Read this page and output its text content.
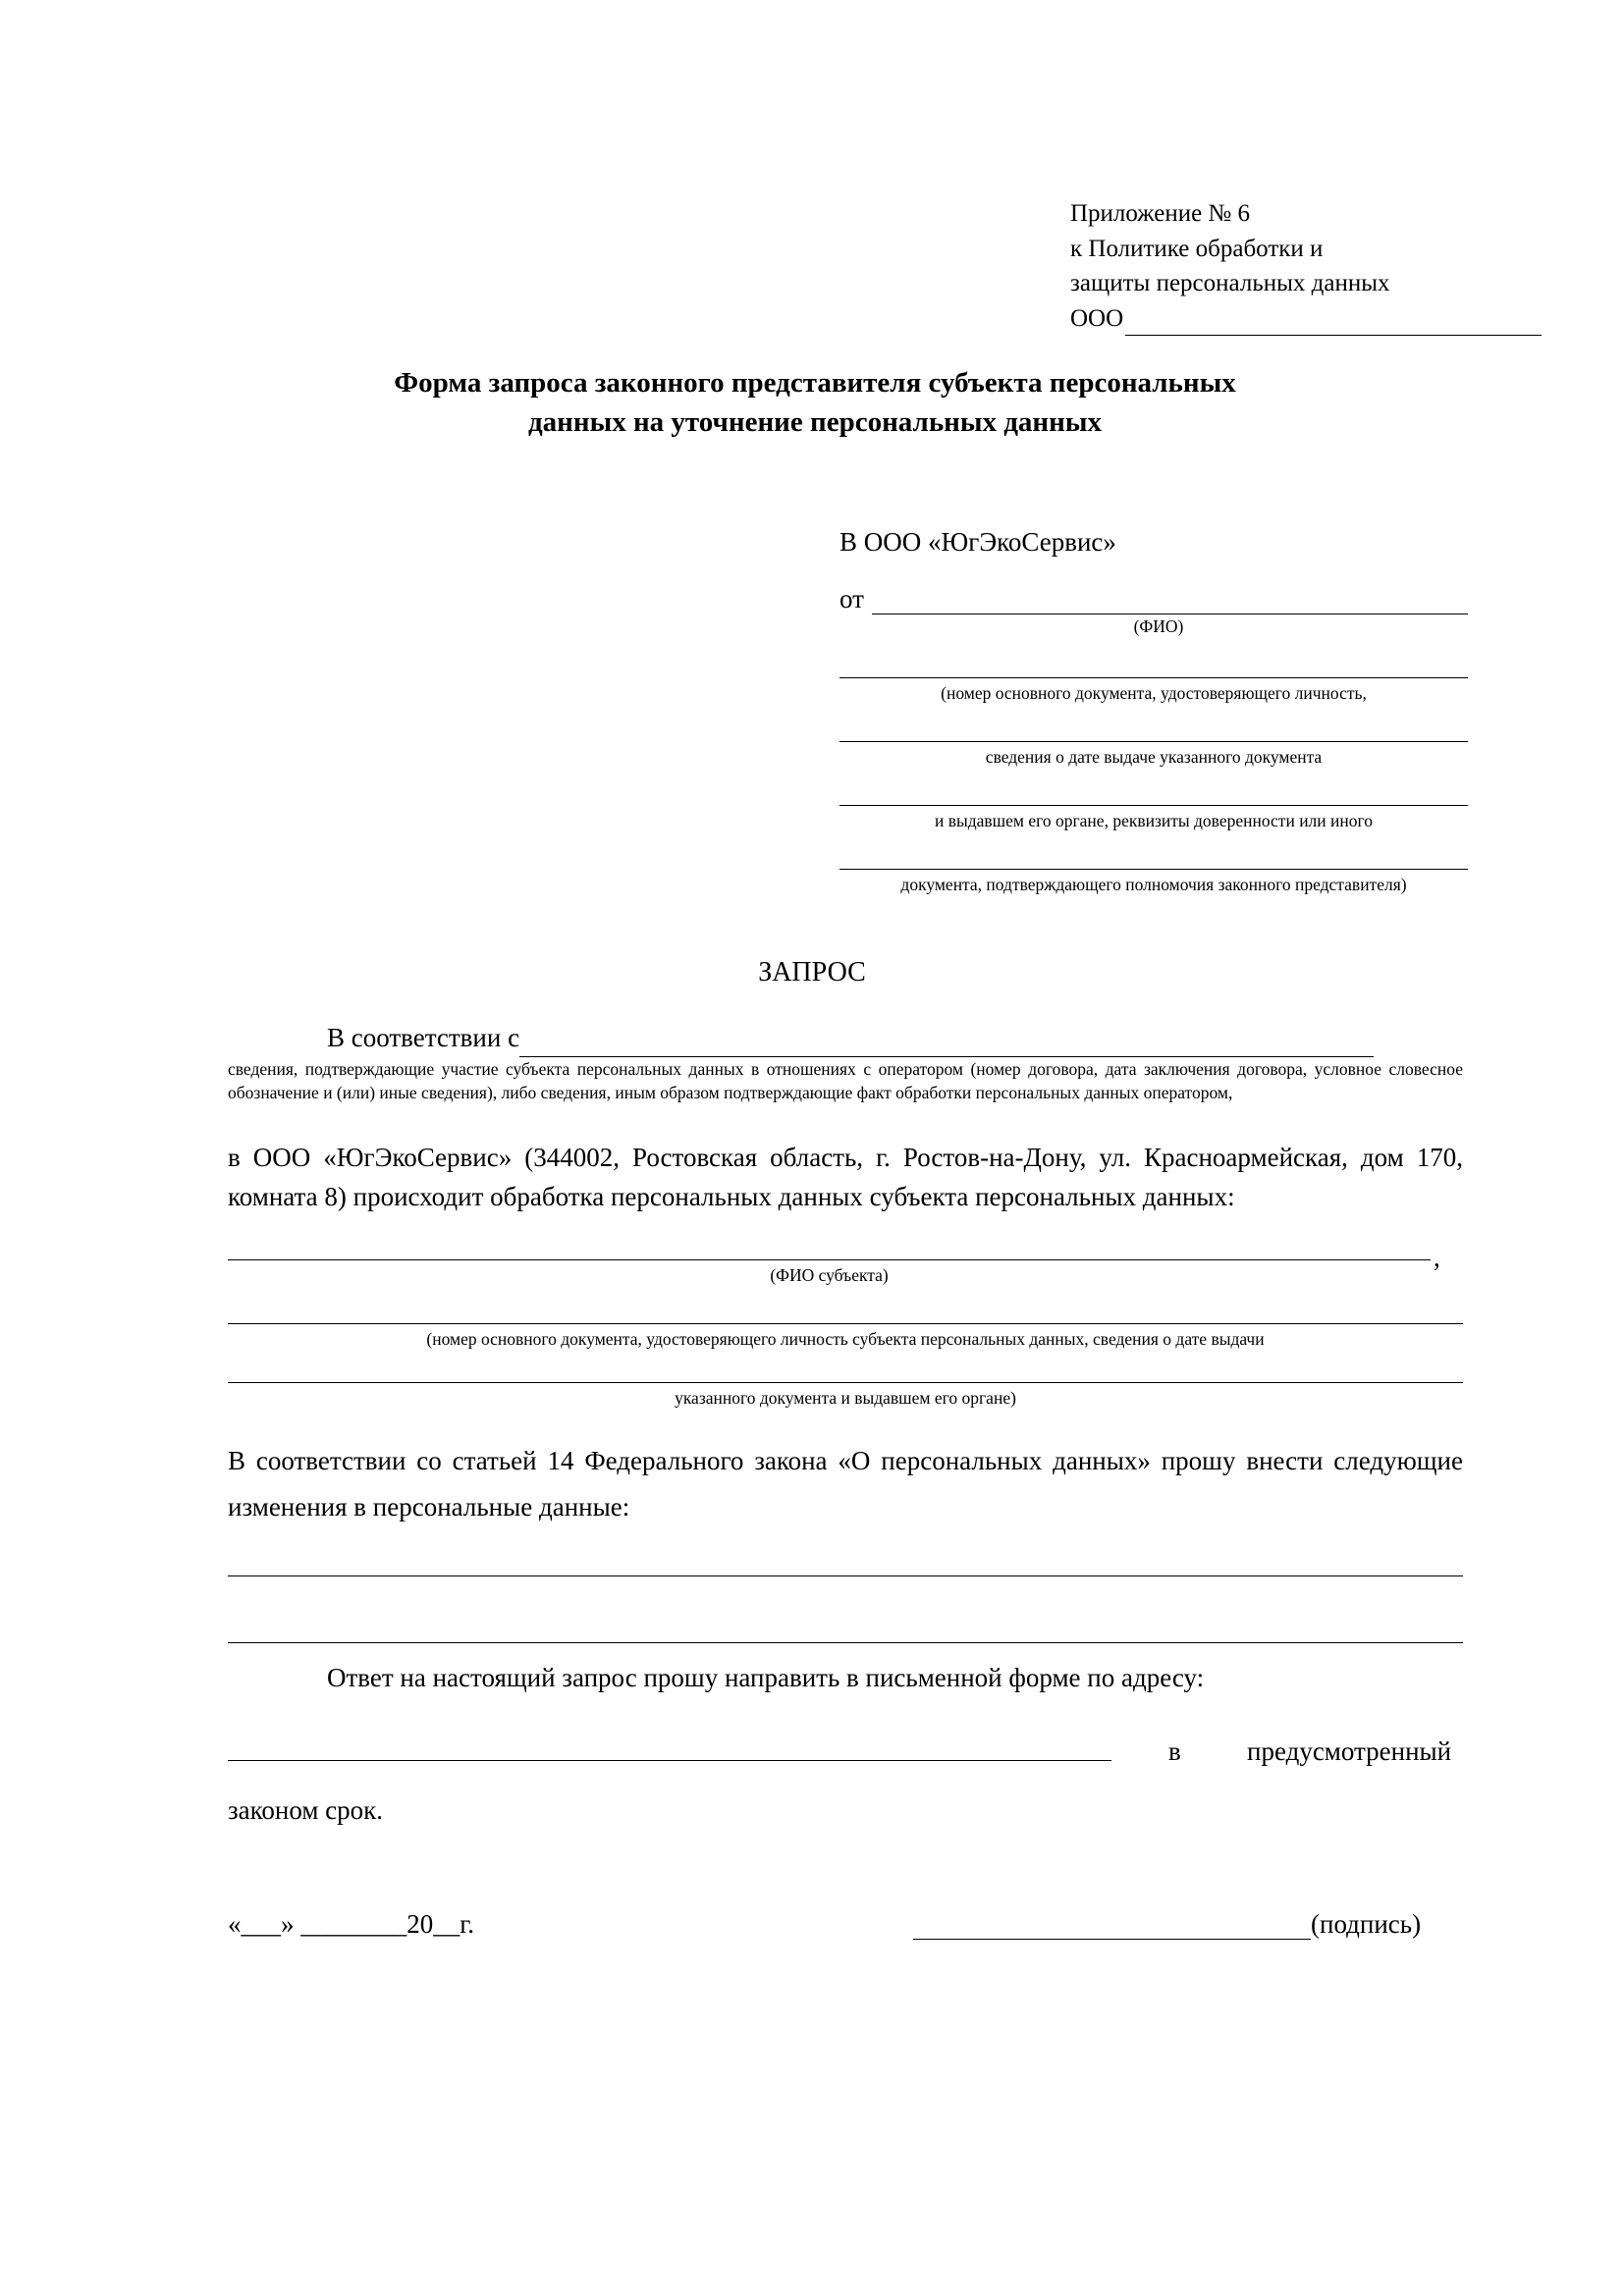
Приложение № 6
к Политике обработки и
защиты персональных данных
ООО
Форма запроса законного представителя субъекта персональных
данных на уточнение персональных данных
В ООО «ЮгЭкоСервис»
от
(ФИО)
(номер основного документа, удостоверяющего личность,
сведения о дате выдаче указанного документа
и выдавшем его органе, реквизиты доверенности или иного
документа, подтверждающего полномочия законного представителя)
ЗАПРОС
В соответствии с
сведения, подтверждающие участие субъекта персональных данных в отношениях с оператором (номер договора, дата заключения договора, условное словесное обозначение и (или) иные сведения), либо сведения, иным образом подтверждающие факт обработки персональных данных оператором,
в ООО «ЮгЭкоСервис» (344002, Ростовская область, г. Ростов-на-Дону, ул. Красноармейская, дом 170, комната 8) происходит обработка персональных данных субъекта персональных данных:
,
(ФИО субъекта)
(номер основного документа, удостоверяющего личность субъекта персональных данных, сведения о дате выдачи
указанного документа и выдавшем его органе)
В соответствии со статьей 14 Федерального закона «О персональных данных» прошу внести следующие изменения в персональные данные:
Ответ на настоящий запрос прошу направить в письменной форме по адресу:
в предусмотренный
законом срок.
«___» ________20__г.	(подпись)
